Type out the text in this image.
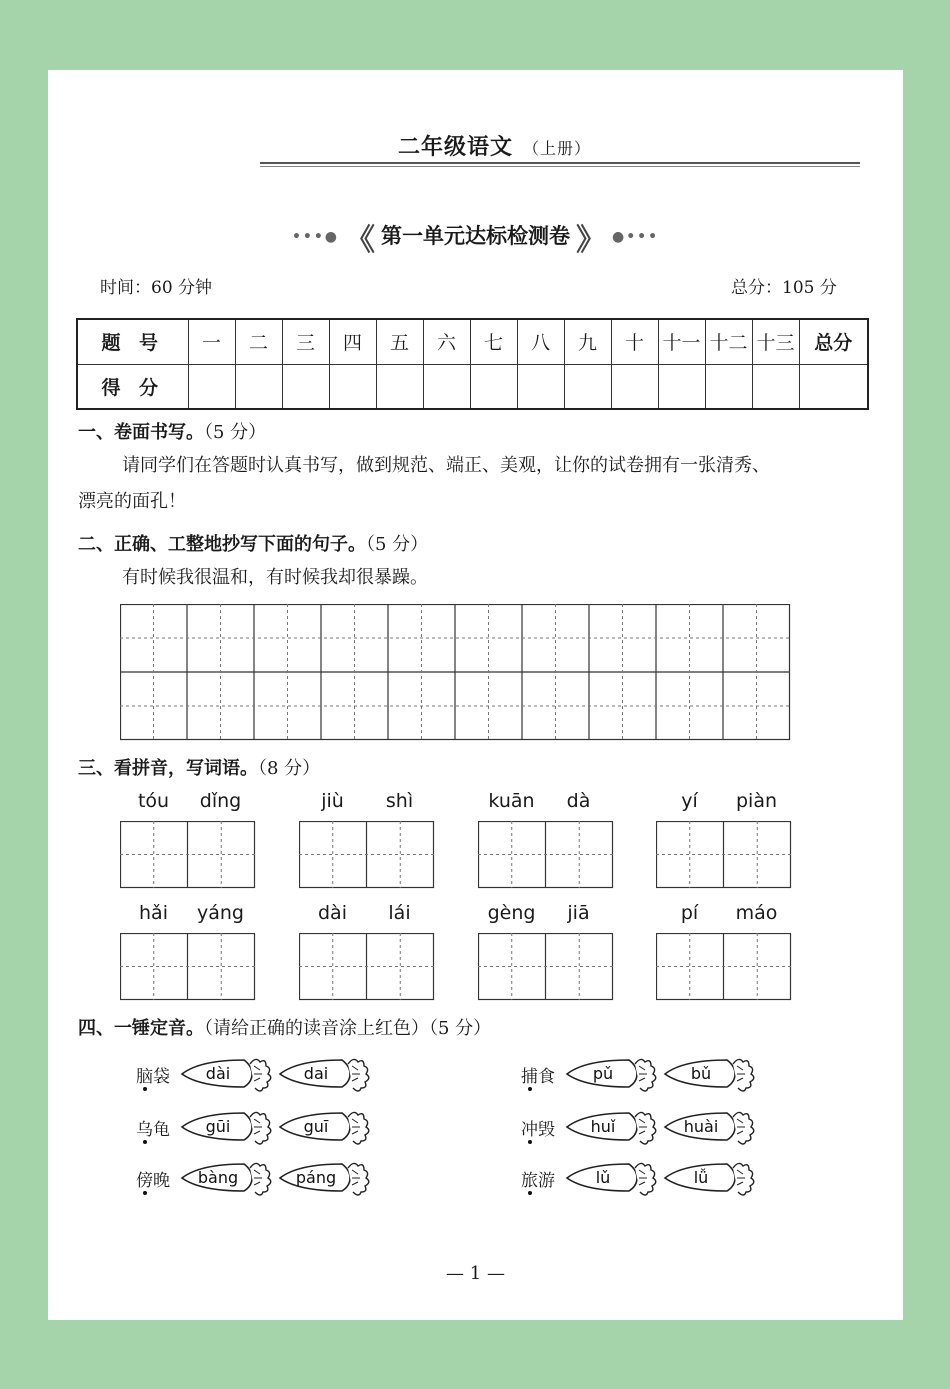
二年级语文 （上册）
•••● 《 第一单元达标检测卷 》 ●•••
时间：60 分钟	总分：105 分
题 号	一	二	三	四	五	六	七	八	九	十	十一	十二	十三	总分
得 分														
一、卷面书写。（5 分）
请同学们在答题时认真书写，做到规范、端正、美观，让你的试卷拥有一张清秀、
漂亮的面孔！
二、正确、工整地抄写下面的句子。（5 分）
有时候我很温和，有时候我却很暴躁。
三、看拼音，写词语。（8 分）
tóu	dǐng	jiù	shì	kuān	dà	yí	piàn
hǎi	yáng	dài	lái	gèng	jiā	pí	máo
四、一锤定音。（请给正确的读音涂上红色）（5 分）
脑袋 dài	dai
乌龟 gūi	guī
傍晚 bàng	páng
捕食 pǔ	bǔ
冲毁 huǐ	huài
旅游	lǔ	lǚ
— 1 —
